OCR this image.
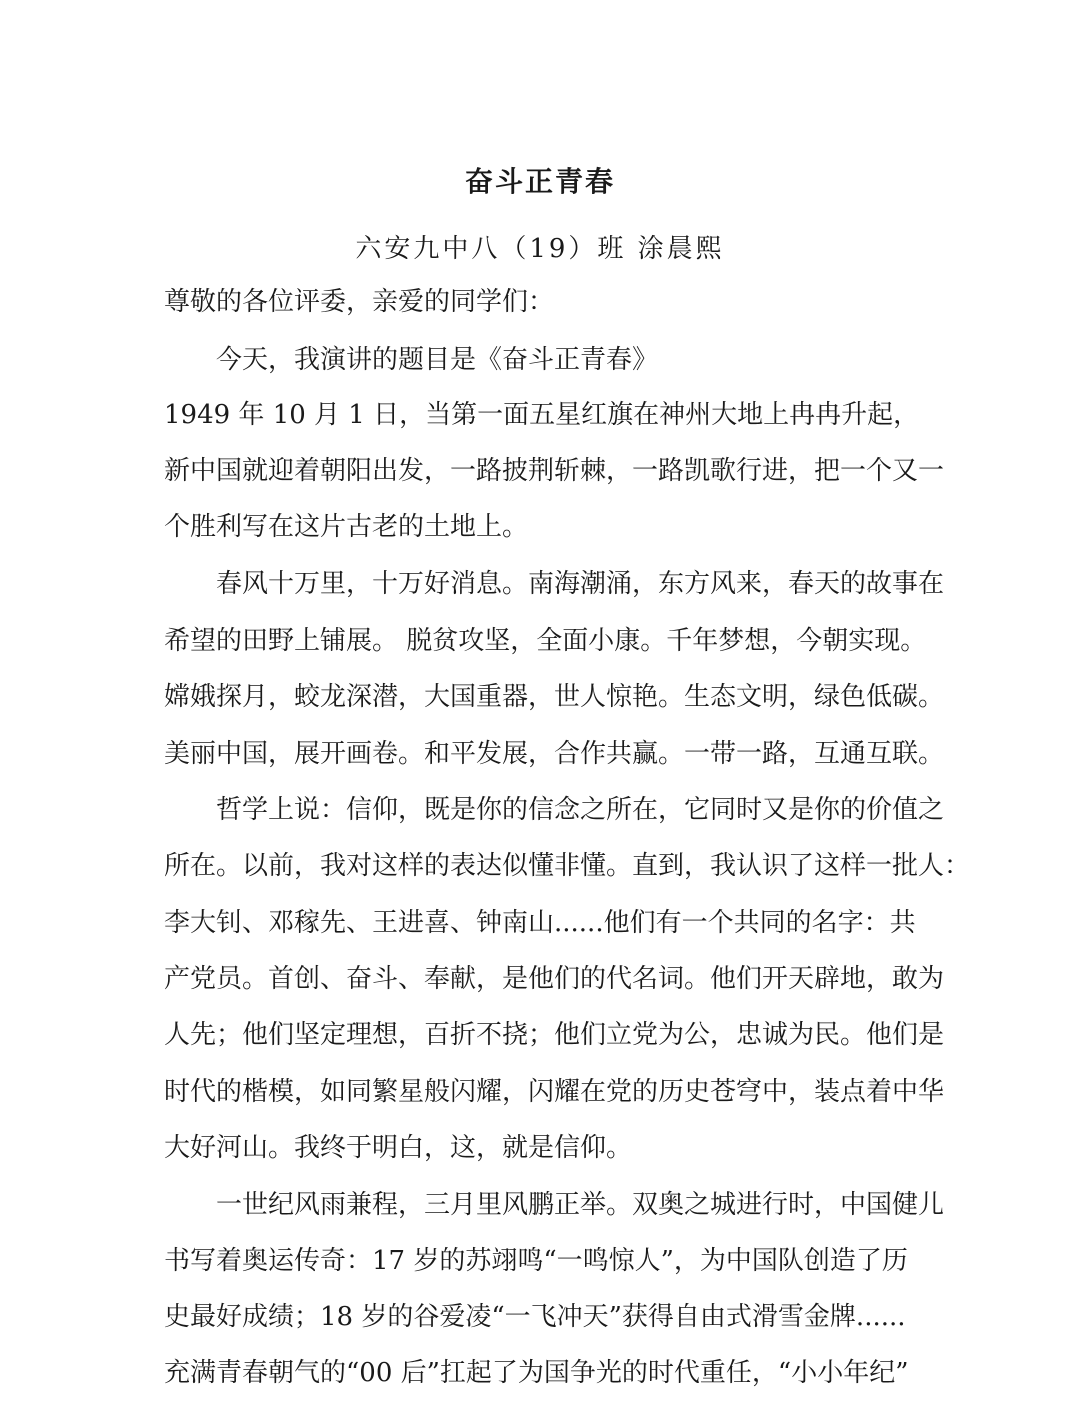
奋斗正青春
六安九中八（19）班 涂晨熙
尊敬的各位评委，亲爱的同学们：
今天，我演讲的题目是《奋斗正青春》
1949 年 10 月 1 日，当第一面五星红旗在神州大地上冉冉升起，
新中国就迎着朝阳出发，一路披荆斩棘，一路凯歌行进，把一个又一
个胜利写在这片古老的土地上。
春风十万里，十万好消息。南海潮涌，东方风来，春天的故事在
希望的田野上铺展。 脱贫攻坚，全面小康。千年梦想，今朝实现。
嫦娥探月，蛟龙深潜，大国重器，世人惊艳。生态文明，绿色低碳。
美丽中国，展开画卷。和平发展，合作共赢。一带一路，互通互联。
哲学上说：信仰，既是你的信念之所在，它同时又是你的价值之
所在。以前，我对这样的表达似懂非懂。直到，我认识了这样一批人：
李大钊、邓稼先、王进喜、钟南山......他们有一个共同的名字：共
产党员。首创、奋斗、奉献，是他们的代名词。他们开天辟地，敢为
人先；他们坚定理想，百折不挠；他们立党为公，忠诚为民。他们是
时代的楷模，如同繁星般闪耀，闪耀在党的历史苍穹中，装点着中华
大好河山。我终于明白，这，就是信仰。
一世纪风雨兼程，三月里风鹏正举。双奥之城进行时，中国健儿
书写着奥运传奇：17 岁的苏翊鸣“一鸣惊人”，为中国队创造了历
史最好成绩；18 岁的谷爱凌“一飞冲天”获得自由式滑雪金牌......
充满青春朝气的“00 后”扛起了为国争光的时代重任，“小小年纪”
